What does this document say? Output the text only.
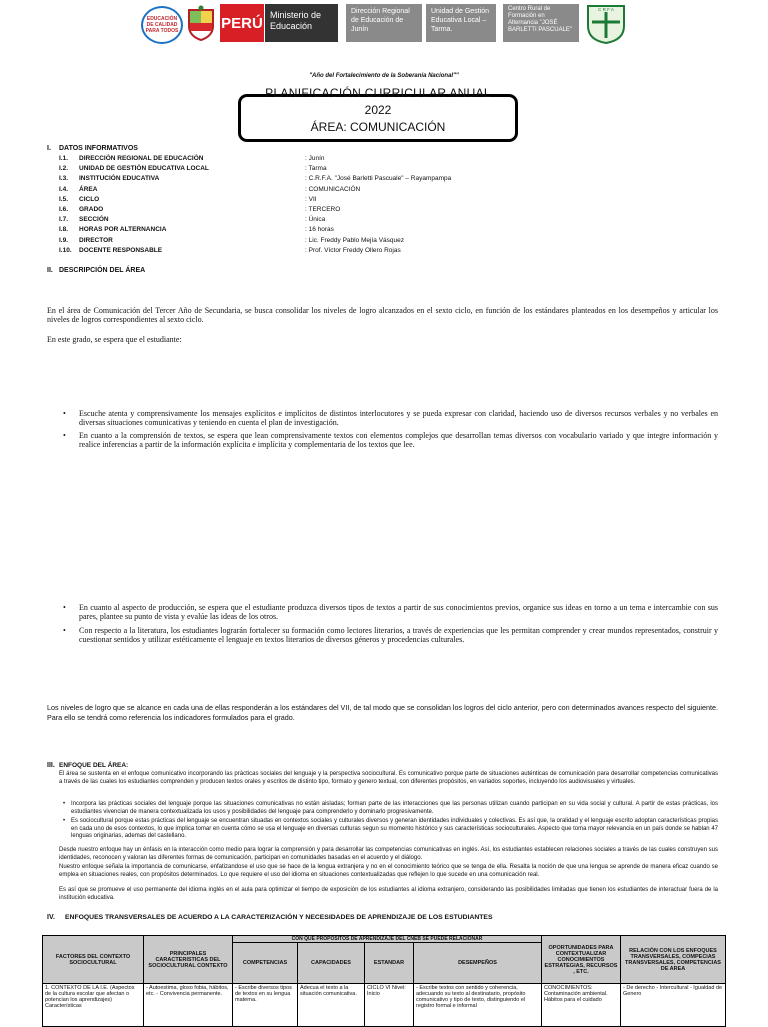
EDUCACIÓN DE CALIDAD PARA TODOS	PERÚ Ministerio de Educación
Dirección Regional de Educación de Junín
Unidad de Gestión Educativa Local – Tarma.
Centro Rural de Formación en Alternancia "JOSÉ BARLETTI PASCUALE"
C R F A
"Año del Fortalecimiento de la Soberanía Nacional""
PLANIFICACIÓN CURRICULAR ANUAL
2022
ÁREA: COMUNICACIÓN
I. DATOS INFORMATIVOS
I.1. DIRECCIÓN REGIONAL DE EDUCACIÓN	: Junín
I.2. UNIDAD DE GESTIÓN EDUCATIVA LOCAL	: Tarma
I.3. INSTITUCIÓN EDUCATIVA	: C.R.F.A. "José Barletti Pascuale" – Rayampampa
I.4. ÁREA	: COMUNICACIÓN
I.5. CICLO	: VII
I.6. GRADO	: TERCERO
I.7. SECCIÓN	: Única
I.8. HORAS POR ALTERNANCIA	: 16 horas
I.9. DIRECTOR	: Lic. Freddy Pablo Mejía Vásquez
I.10. DOCENTE RESPONSABLE	: Prof. Víctor Freddy Ollero Rojas
II. DESCRIPCIÓN DEL ÁREA
En el área de Comunicación del Tercer Año de Secundaria, se busca consolidar los niveles de logro alcanzados en el sexto ciclo, en función de los estándares planteados en los desempeños y articular los niveles de logros correspondientes al sexto ciclo.
En este grado, se espera que el estudiante:
• Escuche atenta y comprensivamente los mensajes explícitos e implícitos de distintos interlocutores y se pueda expresar con claridad, haciendo uso de diversos recursos verbales y no verbales en diversas situaciones comunicativas y teniendo en cuenta el plan de investigación.
• En cuanto a la comprensión de textos, se espera que lean comprensivamente textos con elementos complejos que desarrollan temas diversos con vocabulario variado y que integre información y realice inferencias a partir de la información explícita e implícita y complementaria de los textos que lee.
• En cuanto al aspecto de producción, se espera que el estudiante produzca diversos tipos de textos a partir de sus conocimientos previos, organice sus ideas en torno a un tema e intercambie con sus pares, plantee su punto de vista y evalúe las ideas de los otros.
• Con respecto a la literatura, los estudiantes lograrán fortalecer su formación como lectores literarios, a través de experiencias que les permitan comprender y crear mundos representados, construir y cuestionar sentidos y utilizar estéticamente el lenguaje en textos literarios de diversos géneros y procedencias culturales.
Los niveles de logro que se alcance en cada una de ellas responderán a los estándares del VII, de tal modo que se consolidan los logros del ciclo anterior, pero con determinados avances respecto del siguiente. Para ello se tendrá como referencia los indicadores formulados para el grado.
III. ENFOQUE DEL ÁREA:
El área se sustenta en el enfoque comunicativo incorporando las prácticas sociales del lenguaje y la perspectiva sociocultural. Es comunicativo porque parte de situaciones auténticas de comunicación para desarrollar competencias comunicativas a través de las cuales los estudiantes comprenden y producen textos orales y escritos de distinto tipo, formato y genero textual, con diferentes propósitos, en variados soportes, incluyendo los audiovisuales y virtuales.
• Incorpora las prácticas sociales del lenguaje porque las situaciones comunicativas no están aisladas; forman parte de las interacciones que las personas utilizan cuando participan en su vida social y cultural. A partir de estas prácticas, los estudiantes vivencian de manera contextualizada los usos y posibilidades del lenguaje para comprenderlo y dominarlo progresivamente.
• Es sociocultural porque estas prácticas del lenguaje se encuentran situadas en contextos sociales y culturales diversos y generan identidades individuales y colectivas. Es así que, la oralidad y el lenguaje escrito adoptan características propias en cada uno de esos contextos, lo que implica tomar en cuenta cómo se usa el lenguaje en diversas culturas segun su momento histórico y sus características socioculturales. Aspecto que toma mayor relevancia en un país donde se hablan 47 lenguas originarias, ademas del castellano.
Desde nuestro enfoque hay un énfasis en la interacción como medio para lograr la comprensión y para desarrollar las competencias comunicativas en inglés. Así, los estudiantes establecen relaciones sociales a través de las cuales construyen sus identidades, reconocen y valoran las diferentes formas de comunicación, participan en comunidades basadas en el acuerdo y el diálogo.
Nuestro enfoque señala la importancia de comunicarse, enfatizandose el uso que se hace de la lengua extranjera y no en el conocimiento teórico que se tenga de ella. Resalta la noción de que una lengua se aprende de manera eficaz cuando se emplea en situaciones reales, con propósitos determinados. Lo que requiere el uso del idioma en situaciones contextualizadas que reflejen lo que sucede en una comunicación real.
Es así que se promueve el uso permanente del idioma inglés en el aula para optimizar el tiempo de exposición de los estudiantes al idioma extranjero, considerando las posibilidades limitadas que tienen los estudiantes de interactuar fuera de la institución educativa.
IV. ENFOQUES TRANSVERSALES DE ACUERDO A LA CARACTERIZACIÓN Y NECESIDADES DE APRENDIZAJE DE LOS ESTUDIANTES
FACTORES DEL CONTEXTO SOCIOCULTURAL	PRINCIPALES CARACTERISTICAS DEL SOCIOCULTURAL CONTEXTO	CON QUE PROPÓSITOS DE APRENDIZAJE DEL CNEB SE PUEDE RELACIONAR				OPORTUNIDADES PARA CONTEXTUALIZAR CONOCIMIENTOS ESTRATEGIAS, RECURSOS , ETC.	RELACIÓN CON LOS ENFOQUES TRANSVERSALES, COMPECIAS TRANSVERSALES, COMPETENCIAS DE AREA
		COMPETENCIAS	CAPACIDADES	ESTANDAR	DESEMPEÑOS		
1. CONTEXTO DE LA I.E. (Aspectos de la cultura escolar que afectan o potencian los aprendizajes) Características	- Autoestima, gloso fobia, hábitos, etc. - Convivencia permanente.	- Escribe diversos tipos de textos en su lengua materna.	Adecua el texto a la situación comunicativa.	CICLO VI Nivel: Inicio	- Escribe textos con sentido y coherencia, adecuando su texto al destinatario, propósito comunicativo y tipo de texto, distinguiendo el registro formal e informal	CONOCIMIENTOS: Contaminación ambiental. Hábitos para el cuidado	- De derecho - Intercultural - Igualdad de Genero
